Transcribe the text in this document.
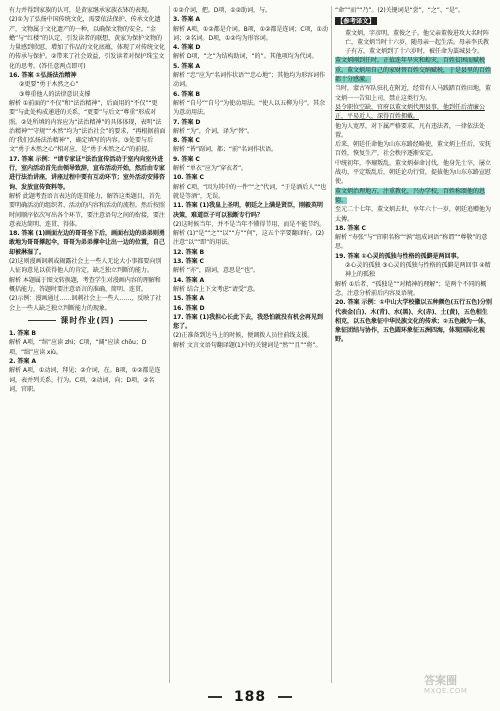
有力并得到家族的认可，是黄家继承家族衣钵的表现。
(2)①为了弘扬中国传统文化，需要依法保护、传承文化遗产，文物属于文化遗产的一种，以确保文物的安全。“金蟾”与“红楼”的认定，引发读者的联想，黄家为保护文物的力量感到欣慰，增加了作品的文化底蕴，体现了对传统文化的传承与保护。②带来了社会效益，引发读者对保护珠宝文化的思考。(答任意两点即可)
16. 答案 ①弘扬法治精神
②更要“勇于木然之心”
③尊重他人的法律意识支撑
解析 ①前面的“不仅”和“法治精神”，后面用的“不仅”“更要”与此处构成递进的关系，“更要”与后文“尊重”形成对照。②处所填的内容应为“法治精神”的具体体现，表明“法治精神”“守规”“木然”均为“法治社会”的要求，“再根据前面的‘我们弘扬法治精神’”，确定填写的内容。③处要与后文“勇于木然之心”相对应，是“勇于木然之心”的前提。
17. 答案 示例：“请专家证”法治宣传活动于室内向室外进行，室内活动首先由领导致辞，宣布活动开始，然后由专家进行法治讲座，讲座过程中要有互动环节；室外活动安排咨询、发放宣传资料等。
解析 此题考查语言表达的连贯能力，解答这类题目，首先要明确活动的组织者、活动的内容和活动的流程。然后按照时间顺序依次写出各个环节，要注意语句之间的衔接，要注意表达简明、连贯、得体。
18. 答案 (1)画面左边的哥哥坐下后，画面右边的弟弟则勇敢地为哥哥撑起伞，哥哥为弟弟撑伞让出一边的位置，自己却被淋湿了。
(2)这则漫画讽刺或揭露社会上一些人无论大小事都要向别人征询意见以获得他人的肯定，缺乏独立判断的能力。
解析 本题属于图文转换题，考查学生对漫画内容的理解和概括能力，答题时要注意语言的准确、简明、连贯。
(2)示例：漫画通过……讽刺社会上一些人……，反映了社会上一些人缺乏独立判断能力的现象。
课时作业(四)
1. 答案 B
解析 A项，“绾”应读 zhì；C项，“阔”应读 chōu；D项，“绌”应读 xiù。
2. 答案 A
解析 A项，①动词，拜见；②介词，在。B项，①②都是连词，表并列关系，行为。C项，②动词，向；D项，②名词，官职。
①②介词，把。D项，①②助词，与。
3. 答案 A
解析 A项，①②都是介词。B项，①②都是连词；C项，①动词；②名词。D项，①②均为形容词。
4. 答案 D
解析 D项，“之”为结构助词，“的”。其他项均为代词。
5. 答案 A
解析 “忠”应为“名词作状语”“忠心地”；其他均为形容词作动词。
6. 答案 B
解析 “自号”“自号”为使动用法。“使人以五柳为号”，其余为意动用法。
7. 答案 D
解析 “为”，介词，译为“替”。
8. 答案 C
解析 “皆”副词，都；“前”名词作状语。
9. 答案 C
解析 “单衣”应为“穿衣者”。
10. 答案 C
解析 C项，“因为其中的一件”“之”代词，“于是酒后人”“也就是等酒”，无误。
11. 答案 (1)我皇上圣明，朝廷之上满是贤臣，刚毅英明决策，难道臣子可以独断专行吗？
(2)这时候当年，并不是当年不懂得节用，而是不能节约。
解析 (1)“是”“之”“以”“方”“何”，这五个字要翻译好。(2)注意“以”“即”的用法。
12. 答案 B
13. 答案 C
解析 “亦”，副词，意思是“也”。
14. 答案 A
解析 结合上下文考虑“请受”意。
15. 答案 A
16. 答案 D
17. 答案 (1)我担心长此下去，我恐怕就没有机会再见到您了。
(2)正准备到达马上的时候，便调拨人员往前线支援。
解析 文言文语句翻译题(1)中的关键词是“然”“且”“将”。
“命”“而”“乃”。(2)关键词是“尝”，“之”、“是”。
【参考译文】
董文炳，字彦明，董俊之子。他父亲董俊进攻大名时阵亡，董文炳当时十六岁，随母亲一起生活。母亲李氏教子有方，董文炳到了十六岁时，被任命为藁城县令。
董文炳刚到任时，正值连年旱灾和蝗灾，百姓贫困而赋税重，董文炳用自己的家财替百姓交纳赋税，于是县里的百姓都十分感激。
当时，蒙古军队驻扎在附近，经常有人马践踏百姓田地，董文炳一一告知上司，禁止这类行为。
县令职位空缺，官府以董文炳代理县事，他到任后清廉公正，平易近人，深得百姓拥戴。
他为人宽厚，对下属严格要求，凡有违法者，一律依法处置。
后来，朝廷任命他为山东东路经略使，董文炳上任后，安抚百姓，恢复生产，社会秩序逐渐安定。
中统初年，李璮叛乱，董文炳奉命讨伐，他身先士卒，屡立战功，平定叛乱后，朝廷论功行赏，提拔他为山东东路宣慰使。
董文炳治理地方，注重教化，兴办学校，百姓称颂他的恩德。
至元二十七年，董文炳去世，享年六十一岁，朝廷追赠他为太傅。
18. 答案 C
解析 “寿张”与“官职名称”“孰”组成词语“称谓”“尊敬”的意思。
19. 答案 ①心灵的孤独与性格的孤僻是两回事。
②心灵的孤独 ③心灵的孤独与性格的孤僻是两回事 ④精神上的孤独
解析 ①后者，“孤独是”“对精神的理解”；是两个不同的概念，注意分析前后内容及语境。
20. 答案 示例：①中山大学校徽以五种颜色(五行五色)分别代表金(白)、木(青)、水(黑)、火(赤)、土(黄)，五色相生相克，以五色象征中华民族文化的传承；②五色融为一体，象征团结与协作，五色圆环象征五洲四海，体现国际化视野。
188
答案圈
MXQE.COM
